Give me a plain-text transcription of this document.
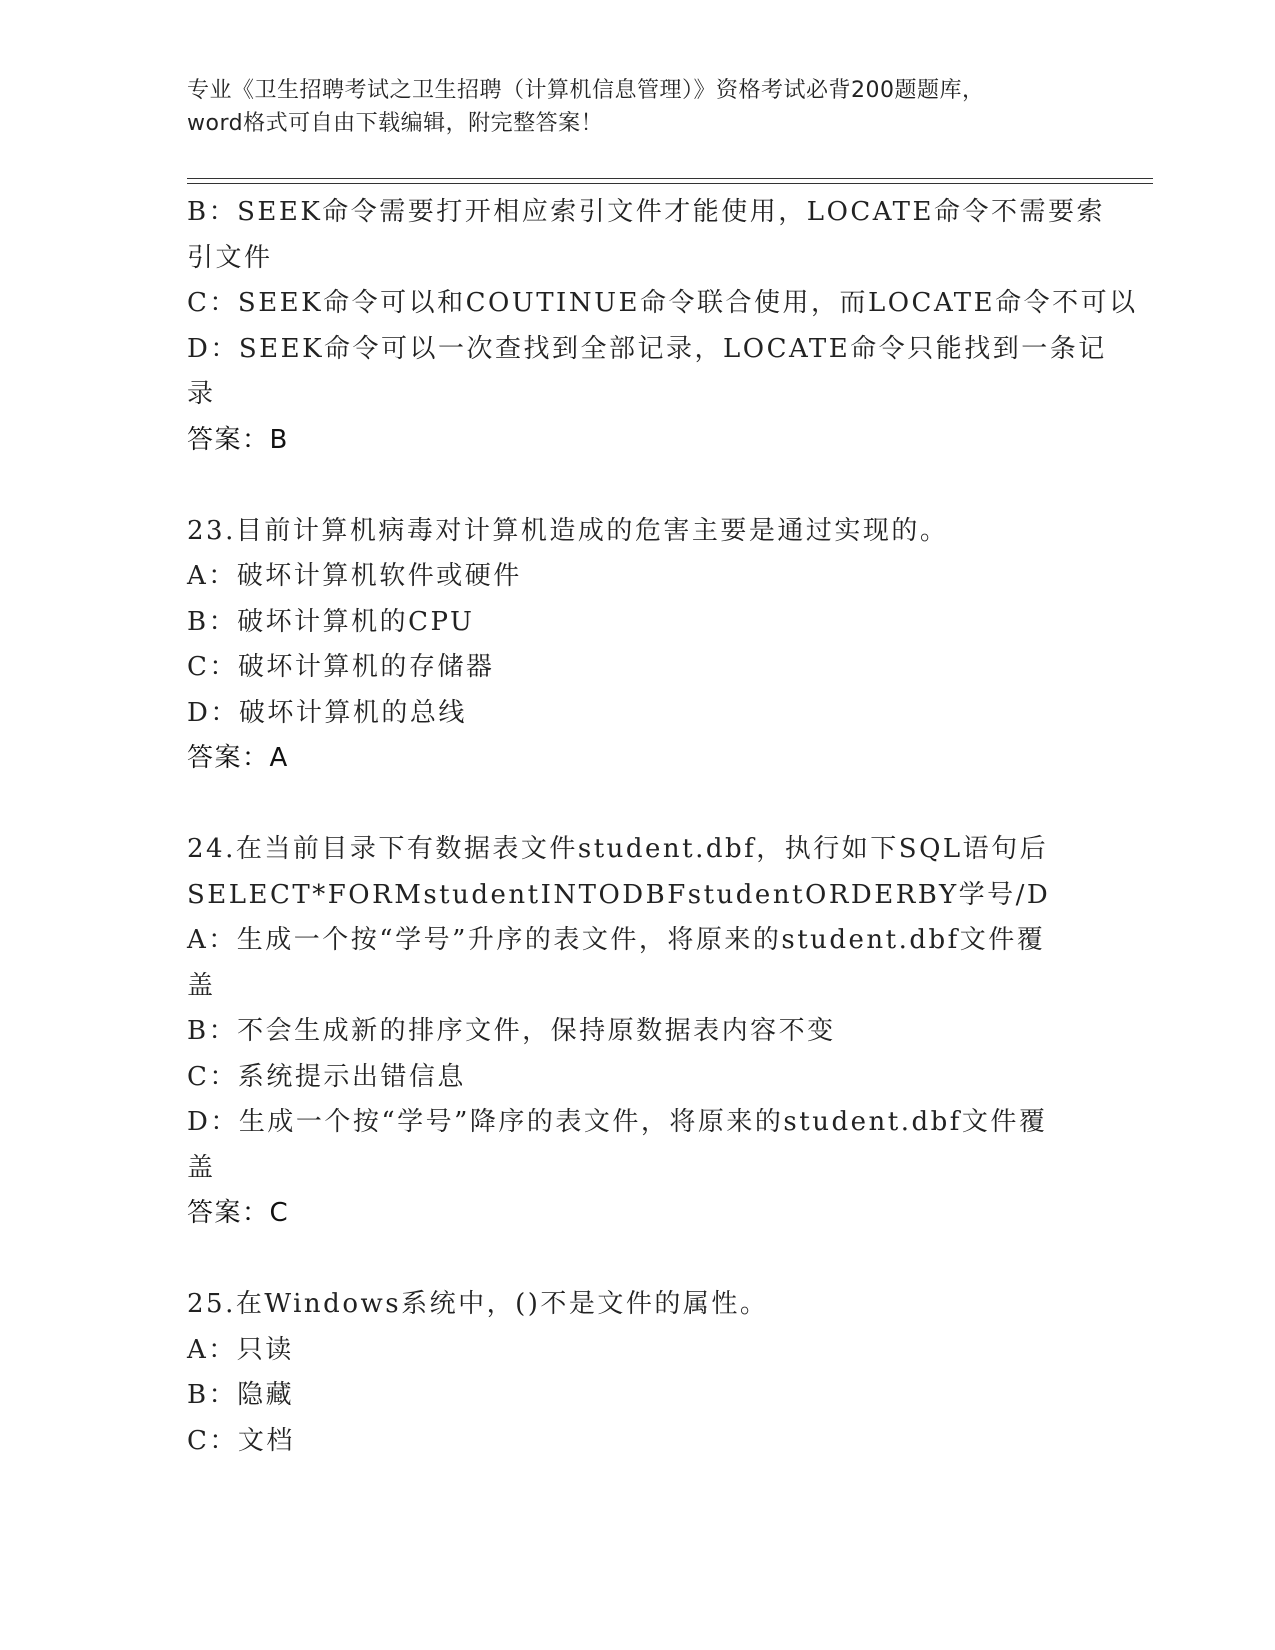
专业《卫生招聘考试之卫生招聘（计算机信息管理）》资格考试必背200题题库，
word格式可自由下载编辑，附完整答案！
B：SEEK命令需要打开相应索引文件才能使用，LOCATE命令不需要索
引文件
C：SEEK命令可以和COUTINUE命令联合使用，而LOCATE命令不可以
D：SEEK命令可以一次查找到全部记录，LOCATE命令只能找到一条记
录
答案：B
23.目前计算机病毒对计算机造成的危害主要是通过实现的。
A：破坏计算机软件或硬件
B：破坏计算机的CPU
C：破坏计算机的存储器
D：破坏计算机的总线
答案：A
24.在当前目录下有数据表文件student.dbf，执行如下SQL语句后
SELECT*FORMstudentINTODBFstudentORDERBY学号/D
A：生成一个按“学号”升序的表文件，将原来的student.dbf文件覆
盖
B：不会生成新的排序文件，保持原数据表内容不变
C：系统提示出错信息
D：生成一个按“学号”降序的表文件，将原来的student.dbf文件覆
盖
答案：C
25.在Windows系统中，()不是文件的属性。
A：只读
B：隐藏
C：文档
